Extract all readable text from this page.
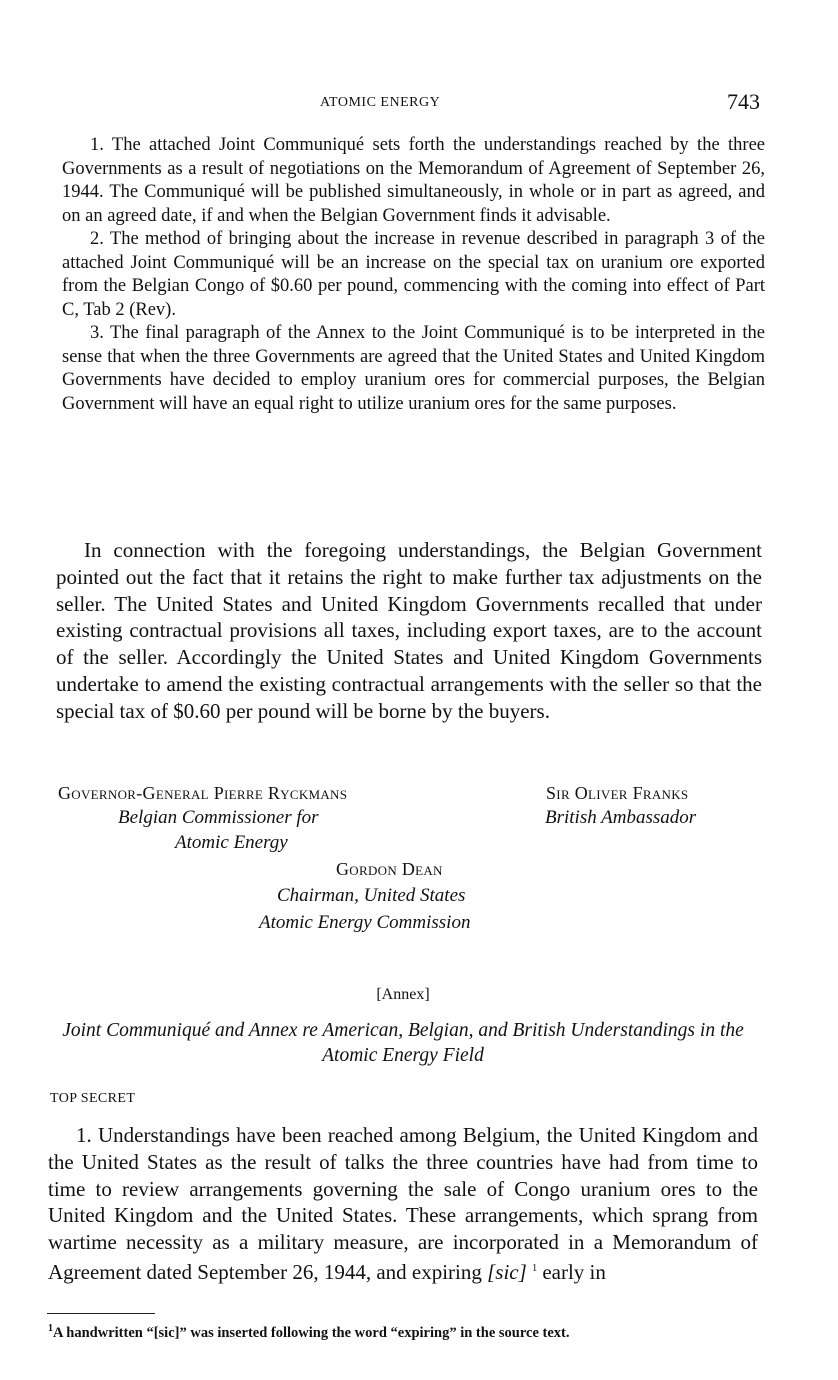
ATOMIC ENERGY	743

1. The attached Joint Communiqué sets forth the understandings reached by the three Governments as a result of negotiations on the Memorandum of Agreement of September 26, 1944. The Communiqué will be published simultaneously, in whole or in part as agreed, and on an agreed date, if and when the Belgian Government finds it advisable.

2. The method of bringing about the increase in revenue described in paragraph 3 of the attached Joint Communiqué will be an increase on the special tax on uranium ore exported from the Belgian Congo of $0.60 per pound, commencing with the coming into effect of Part C, Tab 2 (Rev).

3. The final paragraph of the Annex to the Joint Communiqué is to be interpreted in the sense that when the three Governments are agreed that the United States and United Kingdom Governments have decided to employ uranium ores for commercial purposes, the Belgian Government will have an equal right to utilize uranium ores for the same purposes.

In connection with the foregoing understandings, the Belgian Government pointed out the fact that it retains the right to make further tax adjustments on the seller. The United States and United Kingdom Governments recalled that under existing contractual provisions all taxes, including export taxes, are to the account of the seller. Accordingly the United States and United Kingdom Governments undertake to amend the existing contractual arrangements with the seller so that the special tax of $0.60 per pound will be borne by the buyers.

Governor-General Pierre Ryckmans
Belgian Commissioner for
Atomic Energy
Sir Oliver Franks
British Ambassador
Gordon Dean
Chairman, United States
Atomic Energy Commission
[Annex]
Joint Communiqué and Annex re American, Belgian, and British Understandings in the Atomic Energy Field
TOP SECRET

1. Understandings have been reached among Belgium, the United Kingdom and the United States as the result of talks the three countries have had from time to time to review arrangements governing the sale of Congo uranium ores to the United Kingdom and the United States. These arrangements, which sprang from wartime necessity as a military measure, are incorporated in a Memorandum of Agreement dated September 26, 1944, and expiring [sic] $^1$ early in

$^1$A handwritten “[sic]” was inserted following the word “expiring” in the source text.
